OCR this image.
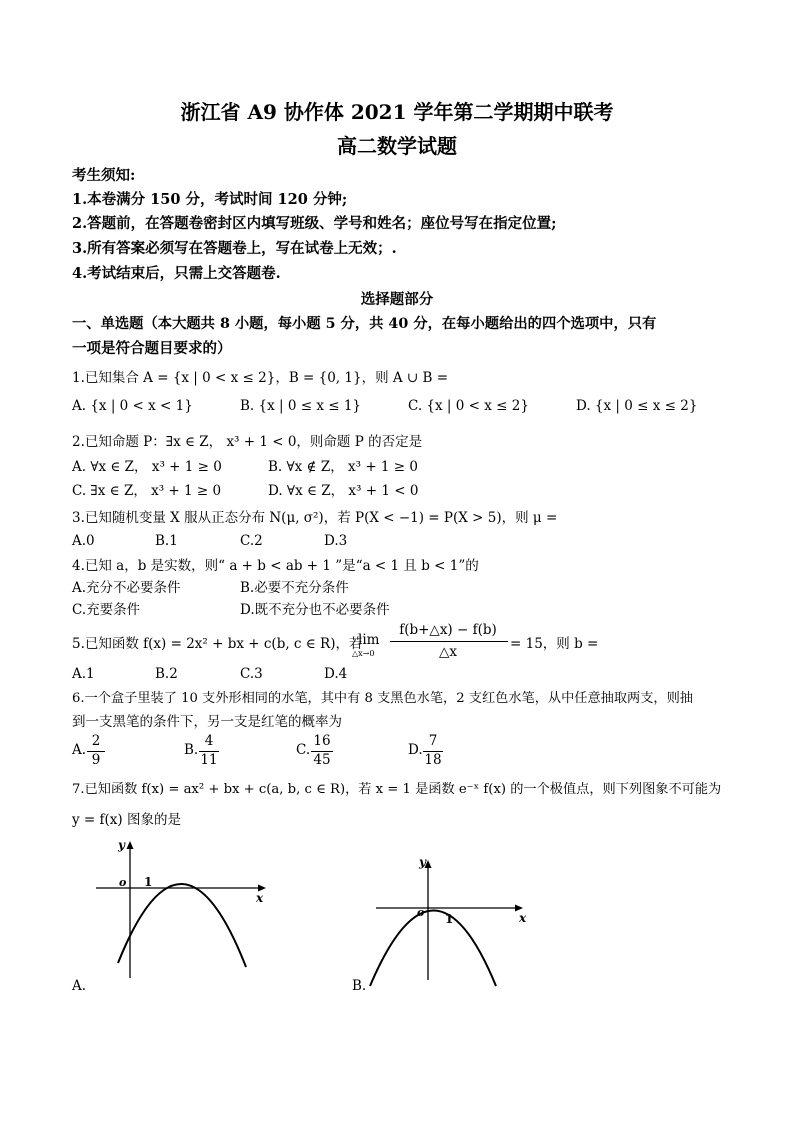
浙江省 A9 协作体 2021 学年第二学期期中联考
高二数学试题
考生须知:
1.本卷满分 150 分，考试时间 120 分钟;
2.答题前，在答题卷密封区内填写班级、学号和姓名；座位号写在指定位置;
3.所有答案必须写在答题卷上，写在试卷上无效；.
4.考试结束后，只需上交答题卷.
选择题部分
一、单选题（本大题共 8 小题，每小题 5 分，共 40 分，在每小题给出的四个选项中，只有
一项是符合题目要求的）
1.已知集合 A = {x | 0 < x ≤ 2}，B = {0, 1}，则 A ∪ B =
A. {x | 0 < x < 1}	B. {x | 0 ≤ x ≤ 1}	C. {x | 0 < x ≤ 2}	D. {x | 0 ≤ x ≤ 2}
2.已知命题 P：∃x ∈ Z， x³ + 1 < 0，则命题 P 的否定是
A. ∀x ∈ Z， x³ + 1 ≥ 0	B. ∀x ∉ Z， x³ + 1 ≥ 0
C. ∃x ∈ Z， x³ + 1 ≥ 0	D. ∀x ∈ Z， x³ + 1 < 0
3.已知随机变量 X 服从正态分布 N(μ, σ²)，若 P(X < −1) = P(X > 5)，则 μ =
A.0	B.1	C.2	D.3
4.已知 a，b 是实数，则“ a + b < ab + 1 ”是“a < 1 且 b < 1”的
A.充分不必要条件	B.必要不充分条件
C.充要条件	D.既不充分也不必要条件
5.已知函数 f(x) = 2x² + bx + c(b, c ∈ R)，若
lim
△x→0
f(b+△x) − f(b)
△x	= 15，则 b =
A.1	B.2	C.3	D.4
6.一个盒子里装了 10 支外形相同的水笔，其中有 8 支黑色水笔，2 支红色水笔，从中任意抽取两支，则抽
到一支黑笔的条件下，另一支是红笔的概率为
A.
2
9
B.
4
11
C.
16
45
D.
7
18
7.已知函数 f(x) = ax² + bx + c(a, b, c ∈ R)，若 x = 1 是函数 e⁻ˣ f(x) 的一个极值点，则下列图象不可能为
y = f(x) 图象的是
y
x
o 1
A.
y
x
o 1
B.
